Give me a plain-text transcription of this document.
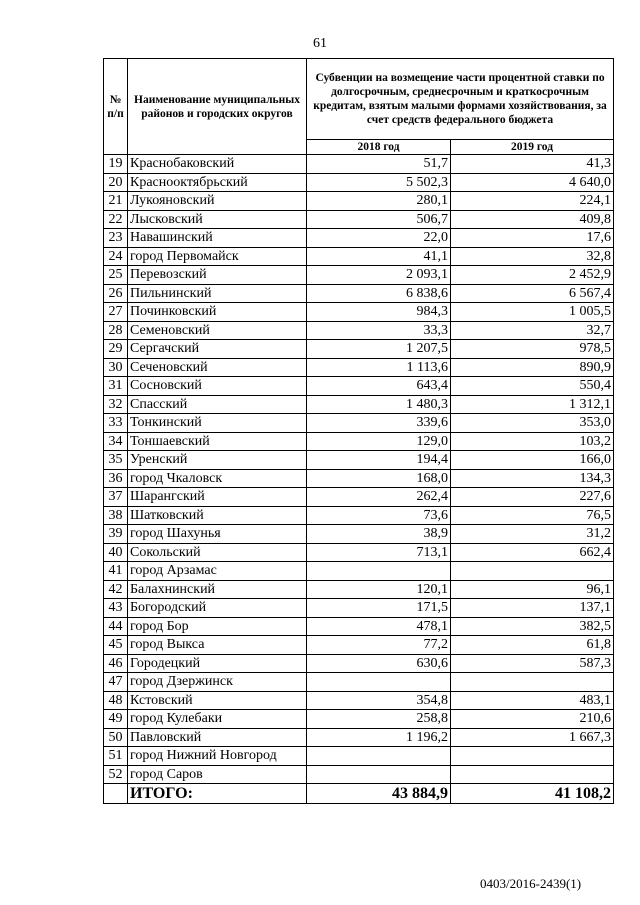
61
№ п/п	Наименование муниципальных районов и городских округов	Субвенции на возмещение части процентной ставки по долгосрочным, среднесрочным и краткосрочным кредитам, взятым малыми формами хозяйствования, за счет средств федерального бюджета	
		2018 год	2019 год
19	Краснобаковский	51,7	41,3
20	Краснооктябрьский	5 502,3	4 640,0
21	Лукояновский	280,1	224,1
22	Лысковский	506,7	409,8
23	Навашинский	22,0	17,6
24	город Первомайск	41,1	32,8
25	Перевозский	2 093,1	2 452,9
26	Пильнинский	6 838,6	6 567,4
27	Починковский	984,3	1 005,5
28	Семеновский	33,3	32,7
29	Сергачский	1 207,5	978,5
30	Сеченовский	1 113,6	890,9
31	Сосновский	643,4	550,4
32	Спасский	1 480,3	1 312,1
33	Тонкинский	339,6	353,0
34	Тоншаевский	129,0	103,2
35	Уренский	194,4	166,0
36	город Чкаловск	168,0	134,3
37	Шарангский	262,4	227,6
38	Шатковский	73,6	76,5
39	город Шахунья	38,9	31,2
40	Сокольский	713,1	662,4
41	город Арзамас		
42	Балахнинский	120,1	96,1
43	Богородский	171,5	137,1
44	город Бор	478,1	382,5
45	город Выкса	77,2	61,8
46	Городецкий	630,6	587,3
47	город Дзержинск		
48	Кстовский	354,8	483,1
49	город Кулебаки	258,8	210,6
50	Павловский	1 196,2	1 667,3
51	город Нижний Новгород		
52	город Саров		
	ИТОГО:	43 884,9	41 108,2
0403/2016-2439(1)
